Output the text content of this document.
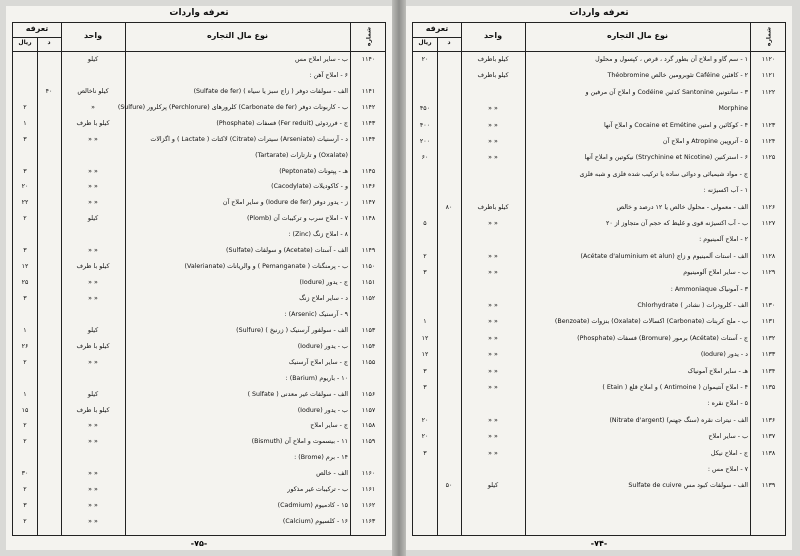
تعرفه واردات
شماره
نوع مال التجاره
واحد
تعرفه
ریال	د
۱۱۴۰
ب - سایر املاح مس
کیلو
۶ - املاح آهن :
۱۱۴۱
الف - سولفات دوفر ( زاج سبز یا سیاه ) (Sulfate de fer)
کیلو ناخالص
۴۰
۱۱۴۲
ب - کاربونات دوفر (Carbonate de fer) کلرورهای (Perchlorure) پرکلرور (Sulfure)
»
۲
۱۱۴۳
ج - فرردوئی (Fer reduit) فسفات (Phosphate)
کیلو با ظرف
۱
۱۱۴۴
د - آرسنیات (Arseniate) سیترات (Citrate) لاکتات ( Lactate ) و اگزالات
» »
۳
(Oxalate) و تارتارات (Tartarate)
۱۱۴۵
هـ - پپتونات (Peptonate)
» »
۳
۱۱۴۶
و - کاکودیلات (Cacodylate)
» »
۲۰
۱۱۴۷
ز - یدور دوفر (Iodure de fer) و سایر املاح آن
» »
۲۲
۱۱۴۸
۷ - املاح سرب و ترکیبات آن (Plomb)
کیلو
۲
۸ - املاح زنگ (Zinc) :
۱۱۴۹
الف - آستات (Acetate) و سولفات (Sulfate)
» »
۳
۱۱۵۰
ب - پرمنگنات ( Pemanganate ) و والریانات (Valerianate)
کیلو با ظرف
۱۲
۱۱۵۱
ج - یدور (Iodure)
» »
۲۵
۱۱۵۲
د - سایر املاح زنگ
» »
۳
۹ - آرسنیک (Arsenic) :
۱۱۵۳
الف - سولفور آرسنیک ( زرنیخ ) (Sulfure)
کیلو
۱
۱۱۵۴
ب - یدور (Iodure)
کیلو با ظرف
۲۶
۱۱۵۵
ج - سایر املاح آرسنیک
» »
۲
۱۰ - باریوم (Barium) :
۱۱۵۶
الف - سولفات غیر معدنی ( Sulfate )
کیلو
۱
۱۱۵۷
ب - یدور (Iodure)
کیلو با ظرف
۱۵
۱۱۵۸
ج - سایر املاح
» »
۲
۱۱۵۹
۱۱ - بیسموت و املاح آن (Bismuth)
» »
۲
۱۴ - برم (Brome) :
۱۱۶۰
الف - خالص
» »
۳۰
۱۱۶۱
ب - ترکیبات غیر مذکور
» »
۲
۱۱۶۲
۱۵ - کادمیوم (Cadmium)
» »
۳
۱۱۶۳
۱۶ - کلسیوم (Calcium)
» »
۲
-۷۵-
تعرفه واردات
شماره
نوع مال التجاره
واحد
تعرفه
ریال	د
۱۱۲۰
۱ - سم گاو و املاح آن بطور گرد ، قرص ، کپسول و محلول
کیلو باظرف
۲۰
۱۱۲۱
۲ - کافئین Caféine تئوبرومین خالص Théobromine
کیلو باظرف
۱۱۲۲
۳ - سانتونین Santonine کدئین Codéine و املاح آن مرفین و
Morphine
» »
۴۵۰
۱۱۲۳
۴ - کوکائین و امتین Cocaine et Emétine و املاح آنها
» »
۴۰۰
۱۱۲۴
۵ - آتروپین Atropine و املاح آن
» »
۲۰۰
۱۱۲۵
۶ - استرکنین (Strychinine et Nicotine) نیکوتین و املاح آنها
» »
۶۰
ج - مواد شیمیائی و دوائی ساده یا ترکیب شده فلزی و شبه فلزی
۱ - آب اکسیژنه :
۱۱۲۶
الف - معمولی - محلول خالص یا ۱۲ درصد و خالص
کیلو باظرف
۸۰
۱۱۲۷
ب - آب اکسیژنه قوی و غلیظ که حجم آن متجاوز از ۲۰
» »
۵
۲ - املاح آلمینیوم :
۱۱۲۸
الف - استات آلمینیوم و زاج (Acétate d'aluminium et alun)
» »
۲
۱۱۲۹
ب - سایر املاح آلومینیوم
» »
۳
۳ - آمونیاک Ammoniaque :
۱۱۳۰
الف - کلرودرات ( نشادر ) Chlorhydrate
» »
۱۱۳۱
ب - ملح کربنات (Carbonate) اکسالات (Oxalate) بنزوات (Benzoate)
» »
۱
۱۱۳۲
ج - آستات (Acétate) برمور (Bromure) فسفات (Phosphate)
» »
۱۲
۱۱۳۳
د - یدور (Iodure)
» »
۱۲
۱۱۳۴
هـ - سایر املاح آمونیاک
» »
۳
۱۱۳۵
۴ - املاح آنتیموان ( Antimoine ) و املاح قلع ( Etain )
» »
۳
۵ - املاح نقره :
۱۱۳۶
الف - نیترات نقره (سنگ جهنم) (Nitrate d'argent)
» »
۲۰
۱۱۳۷
ب - سایر املاح
» »
۲۰
۱۱۳۸
ج - املاح نیکل
» »
۳
۷ - املاح مس :
۱۱۳۹
الف - سولفات کبود مس Sulfate de cuivre
کیلو
۵۰
-۷۴-
